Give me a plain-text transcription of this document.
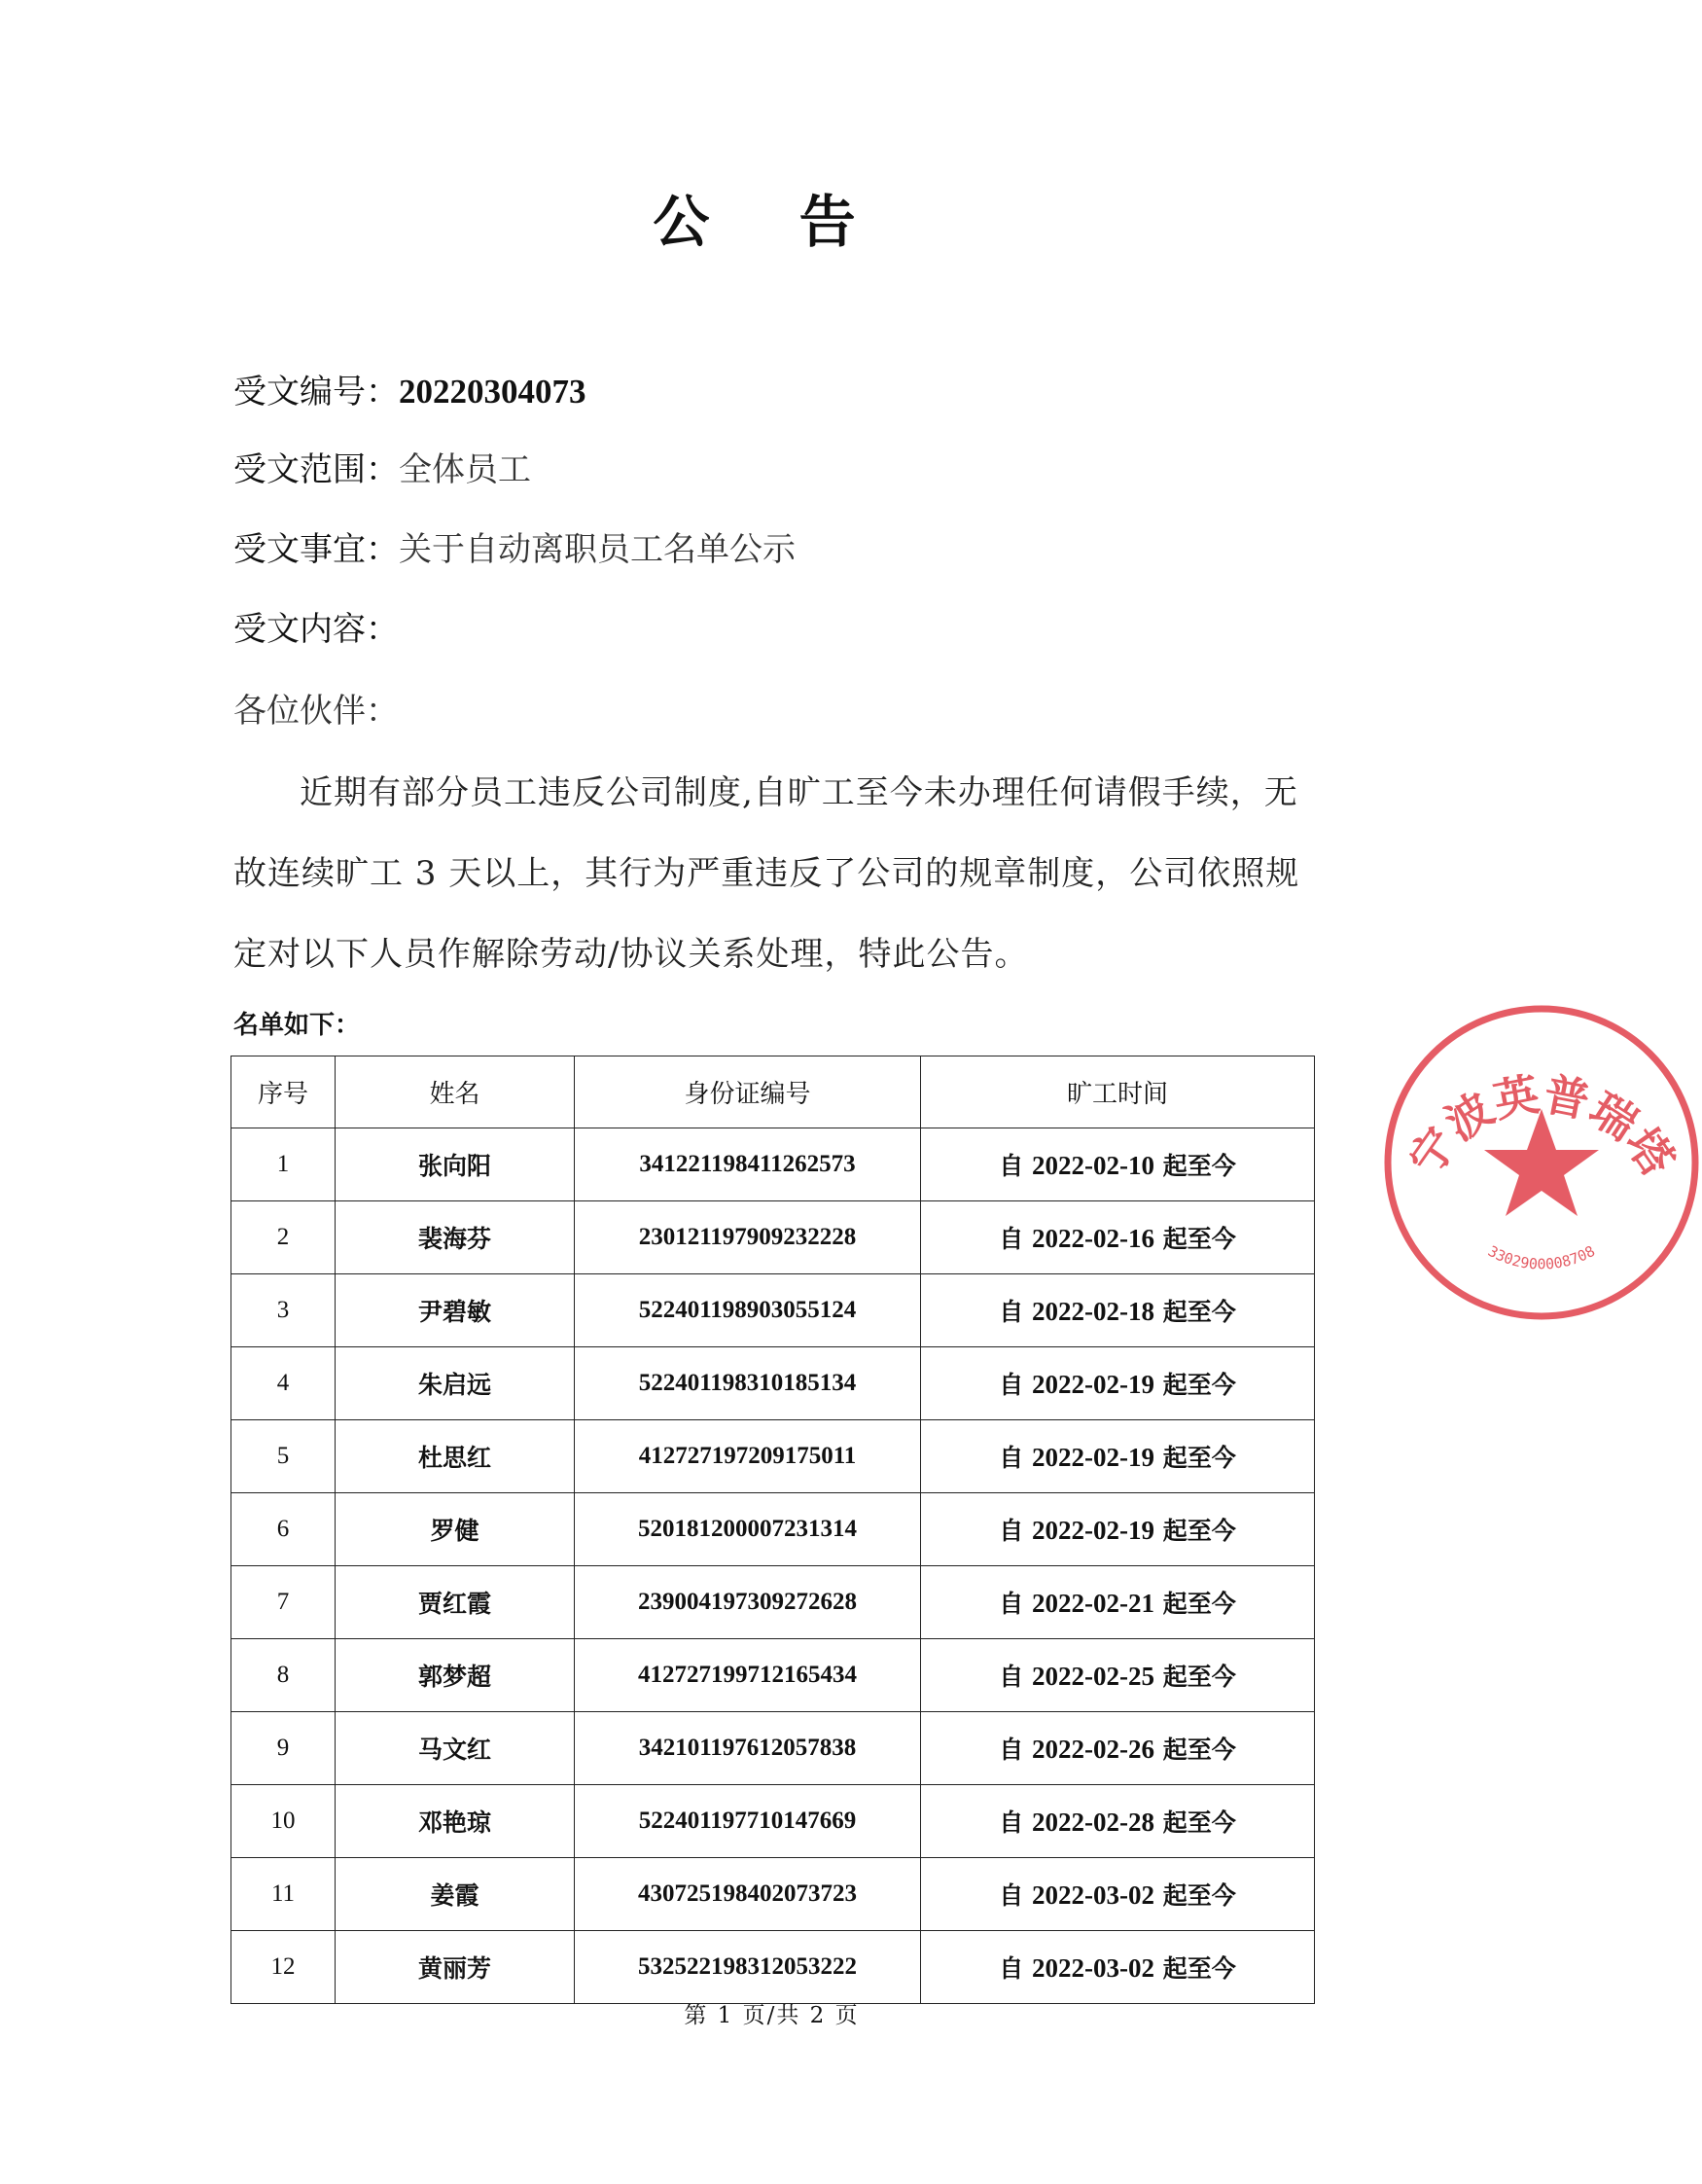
公 告
受文编号：20220304073
受文范围：全体员工
受文事宜：关于自动离职员工名单公示
受文内容：
各位伙伴：
近期有部分员工违反公司制度,自旷工至今未办理任何请假手续，无故连续旷工 3 天以上，其行为严重违反了公司的规章制度，公司依照规定对以下人员作解除劳动/协议关系处理，特此公告。
名单如下：
序号	姓名	身份证编号	旷工时间
1	张向阳	341221198411262573	自 2022-02-10 起至今
2	裴海芬	230121197909232228	自 2022-02-16 起至今
3	尹碧敏	522401198903055124	自 2022-02-18 起至今
4	朱启远	522401198310185134	自 2022-02-19 起至今
5	杜思红	412727197209175011	自 2022-02-19 起至今
6	罗健	520181200007231314	自 2022-02-19 起至今
7	贾红霞	239004197309272628	自 2022-02-21 起至今
8	郭梦超	412727199712165434	自 2022-02-25 起至今
9	马文红	342101197612057838	自 2022-02-26 起至今
10	邓艳琼	522401197710147669	自 2022-02-28 起至今
11	姜霞	430725198402073723	自 2022-03-02 起至今
12	黄丽芳	532522198312053222	自 2022-03-02 起至今
第 1 页/共 2 页
宁波英普瑞塔
3302900008708
